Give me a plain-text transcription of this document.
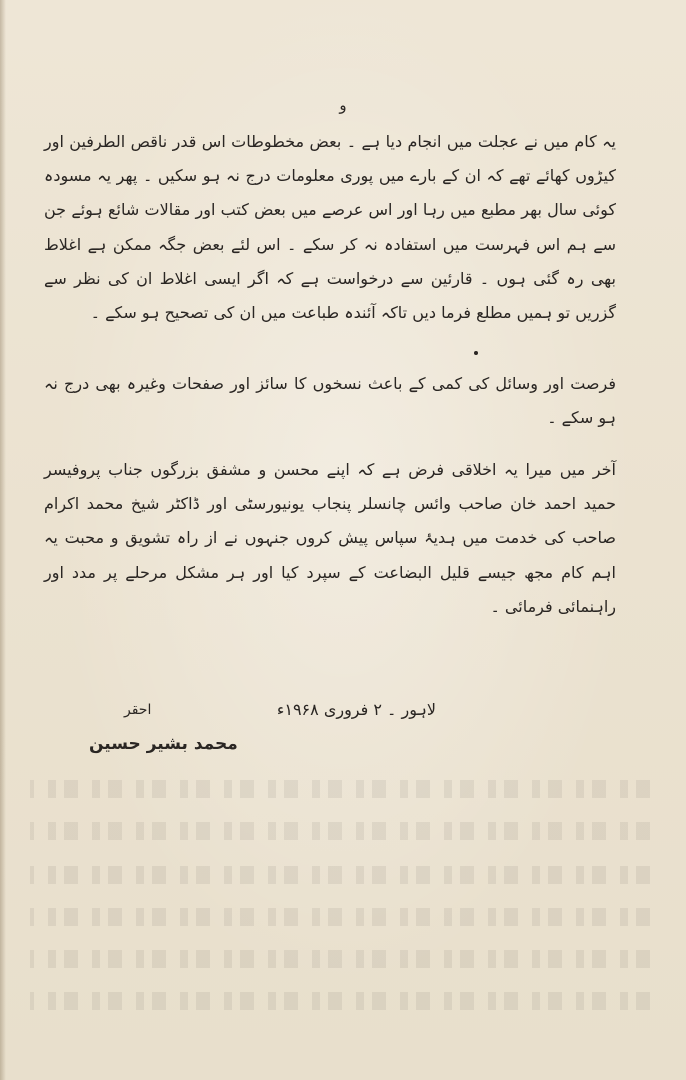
و

یہ کام میں نے عجلت میں انجام دیا ہے ۔ بعض مخطوطات اس قدر ناقص الطرفین اور کیڑوں کھائے تھے کہ ان کے بارے میں پوری معلومات درج نہ ہو سکیں ۔ پھر یہ مسودہ کوئی سال بھر مطبع میں رہا اور اس عرصے میں بعض کتب اور مقالات شائع ہوئے جن سے ہم اس فہرست میں استفادہ نہ کر سکے ۔ اس لئے بعض جگہ ممکن ہے اغلاط بھی رہ گئی ہوں ۔ قارئین سے درخواست ہے کہ اگر ایسی اغلاط ان کی نظر سے گزریں تو ہمیں مطلع فرما دیں تاکہ آئندہ طباعت میں ان کی تصحیح ہو سکے ۔

فرصت اور وسائل کی کمی کے باعث نسخوں کا سائز اور صفحات وغیرہ بھی درج نہ ہو سکے ۔

آخر میں میرا یہ اخلاقی فرض ہے کہ اپنے محسن و مشفق بزرگوں جناب پروفیسر حمید احمد خان صاحب وائس چانسلر پنجاب یونیورسٹی اور ڈاکٹر شیخ محمد اکرام صاحب کی خدمت میں ہدیۂ سپاس پیش کروں جنہوں نے از راہ تشویق و محبت یہ اہم کام مجھ جیسے قلیل البضاعت کے سپرد کیا اور ہر مشکل مرحلے پر مدد اور راہنمائی فرمائی ۔

لاہور ۔ ۲ فروری ۱۹۶۸ء
احقر
محمد بشیر حسین
